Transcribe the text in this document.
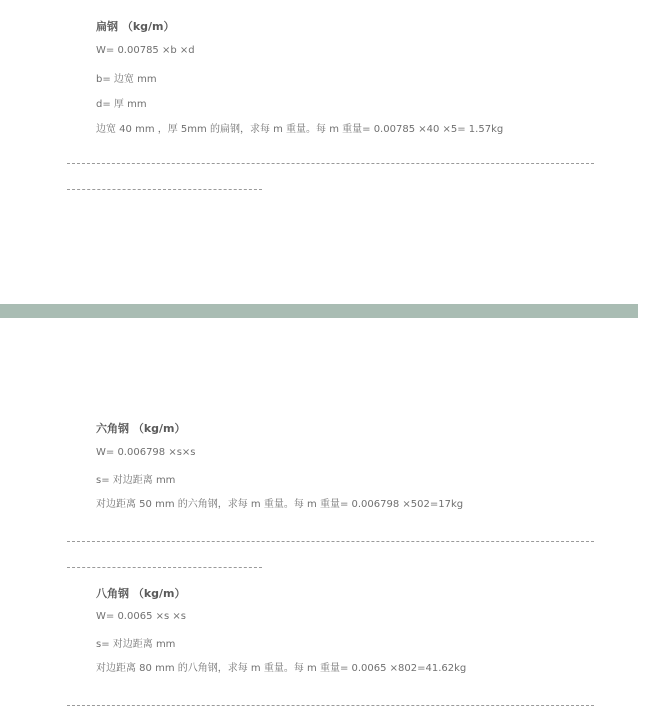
扁钢 （kg/m）
W= 0.00785 ×b ×d
b= 边宽 mm
d= 厚 mm
边宽 40 mm ，厚 5mm 的扁钢，求每 m 重量。每 m 重量= 0.00785 ×40 ×5= 1.57kg
六角钢 （kg/m）
W= 0.006798 ×s×s
s= 对边距离 mm
对边距离 50 mm 的六角钢，求每 m 重量。每 m 重量= 0.006798 ×502=17kg
八角钢 （kg/m）
W= 0.0065 ×s ×s
s= 对边距离 mm
对边距离 80 mm 的八角钢，求每 m 重量。每 m 重量= 0.0065 ×802=41.62kg
